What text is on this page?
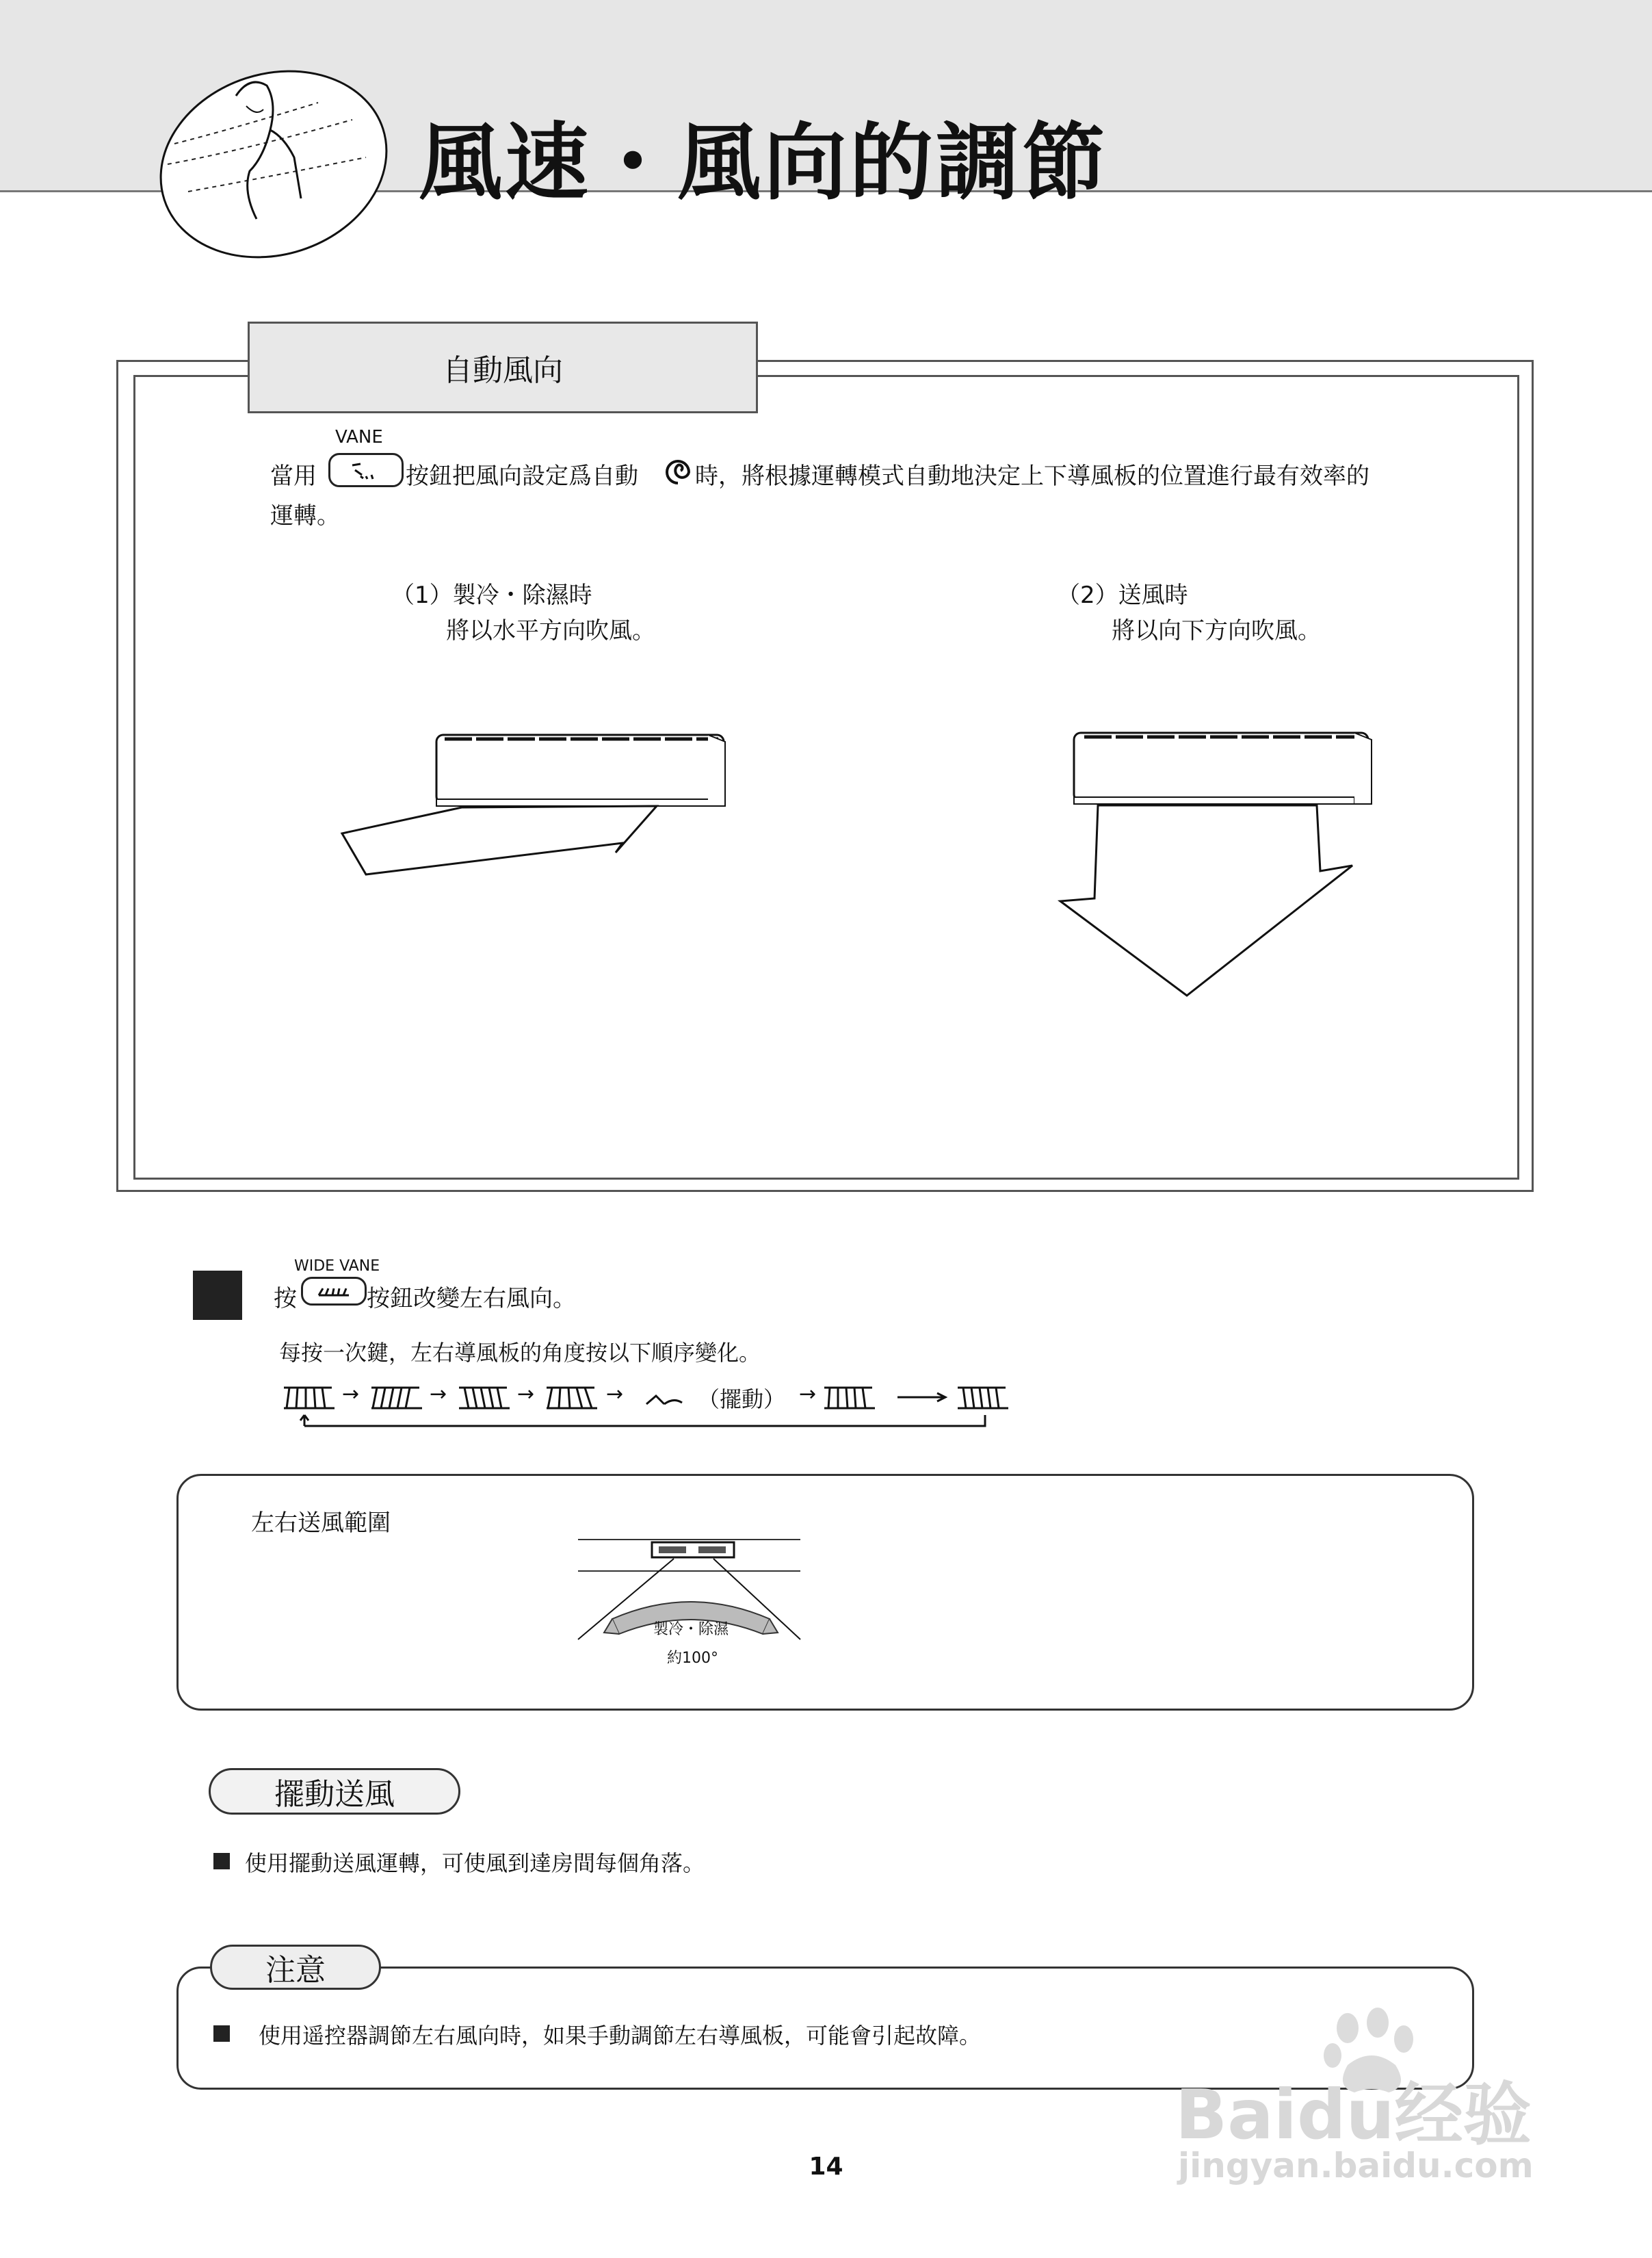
風速・風向的調節
自動風向
VANE
當用	按鈕把風向設定爲自動 時，將根據運轉模式自動地決定上下導風板的位置進行最有效率的
運轉。
（1）製冷・除濕時
將以水平方向吹風。
（2）送風時
將以向下方向吹風。
WIDE VANE
按	按鈕改變左右風向。
每按一次鍵，左右導風板的角度按以下順序變化。
→	→	→	→	（擺動） →
左右送風範圍
製冷・除濕
約100°
擺動送風
使用擺動送風運轉，可使風到達房間每個角落。
注意
使用遥控器調節左右風向時，如果手動調節左右導風板，可能會引起故障。
14
Baidu经验
jingyan.baidu.com
